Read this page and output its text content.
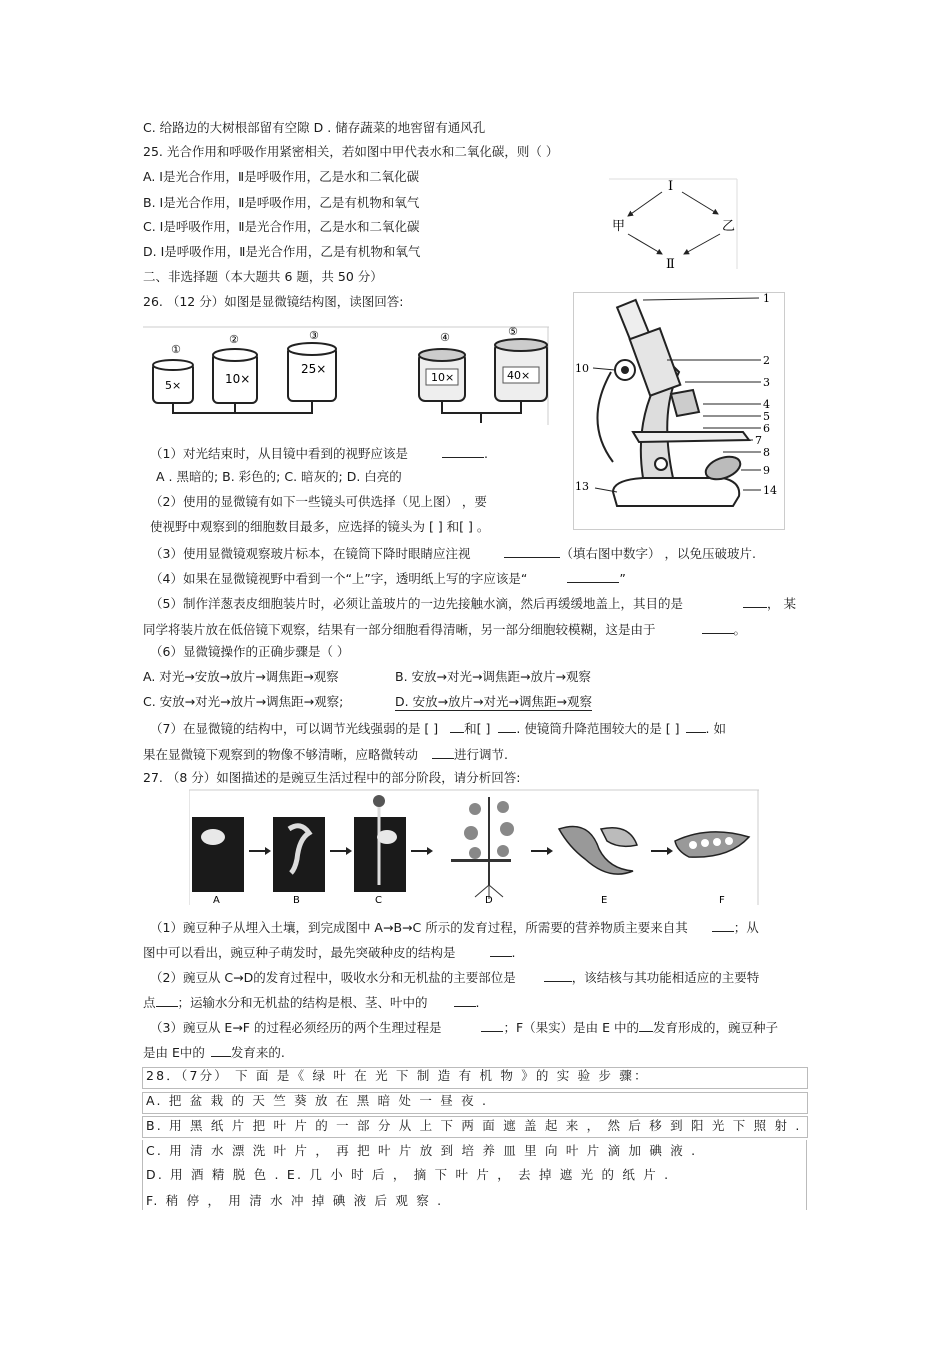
C. 给路边的大树根部留有空隙 D . 储存蔬菜的地窖留有通风孔
25. 光合作用和呼吸作用紧密相关，若如图中甲代表水和二氧化碳，则（ ）
A. Ⅰ是光合作用，Ⅱ是呼吸作用，乙是水和二氧化碳
B. Ⅰ是光合作用，Ⅱ是呼吸作用，乙是有机物和氧气
C. Ⅰ是呼吸作用，Ⅱ是光合作用，乙是水和二氧化碳
D. Ⅰ是呼吸作用，Ⅱ是光合作用，乙是有机物和氧气
二、非选择题（本大题共 6 题，共 50 分）
26. （12 分）如图是显微镜结构图，读图回答:
Ⅰ
Ⅱ
甲	乙
①
5×
②
10×
③
25×
④
10×
⑤
40×
1
2
3
4
5
6
7
8
9
10
13	14
（1）对光结束时，从目镜中看到的视野应该是	.
A . 黑暗的; B. 彩色的; C. 暗灰的; D. 白亮的
（2）使用的显微镜有如下一些镜头可供选择（见上图） ，要
使视野中观察到的细胞数目最多，应选择的镜头为 [ ] 和[ ] 。
（3）使用显微镜观察玻片标本，在镜筒下降时眼睛应注视	（填右图中数字） ，以免压破玻片.
（4）如果在显微镜视野中看到一个“上”字，透明纸上写的字应该是“	”
（5）制作洋葱表皮细胞装片时，必须让盖玻片的一边先接触水滴，然后再缓缓地盖上，其目的是	， 某
同学将装片放在低倍镜下观察，结果有一部分细胞看得清晰，另一部分细胞较模糊，这是由于	。
（6）显微镜操作的正确步骤是（ ）
A. 对光→安放→放片→调焦距→观察	B. 安放→对光→调焦距→放片→观察
C. 安放→对光→放片→调焦距→观察;	D. 安放→放片→对光→调焦距→观察
（7）在显微镜的结构中，可以调节光线强弱的是 [ ] 和[ ] . 使镜筒升降范围较大的是 [ ] . 如
果在显微镜下观察到的物像不够清晰，应略微转动	进行调节.
27. （8 分）如图描述的是豌豆生活过程中的部分阶段，请分析回答:
A	B	C	D	E	F
（1）豌豆种子从埋入土壤，到完成图中 A→B→C 所示的发育过程，所需要的营养物质主要来自其	；从
图中可以看出，豌豆种子萌发时，最先突破种皮的结构是	.
（2）豌豆从 C→D的发育过程中，吸收水分和无机盐的主要部位是	，该结核与其功能相适应的主要特
点 ；运输水分和无机盐的结构是根、茎、叶中的	.
（3）豌豆从 E→F 的过程必须经历的两个生理过程是	；F（果实）是由 E 中的 发育形成的，豌豆种子
是由 E中的 发育来的.
28．（7分） 下 面 是《 绿 叶 在 光 下 制 造 有 机 物 》的 实 验 步 骤：
A. 把 盆 栽 的 天 竺 葵 放 在 黑 暗 处 一 昼 夜 .
B. 用 黑 纸 片 把 叶 片 的 一 部 分 从 上 下 两 面 遮 盖 起 来 ， 然 后 移 到 阳 光 下 照 射 .
C. 用 清 水 漂 洗 叶 片 ， 再 把 叶 片 放 到 培 养 皿 里 向 叶 片 滴 加 碘 液 .
D. 用 酒 精 脱 色 . E. 几 小 时 后 ， 摘 下 叶 片 ， 去 掉 遮 光 的 纸 片 .
F. 稍 停 ， 用 清 水 冲 掉 碘 液 后 观 察 .
